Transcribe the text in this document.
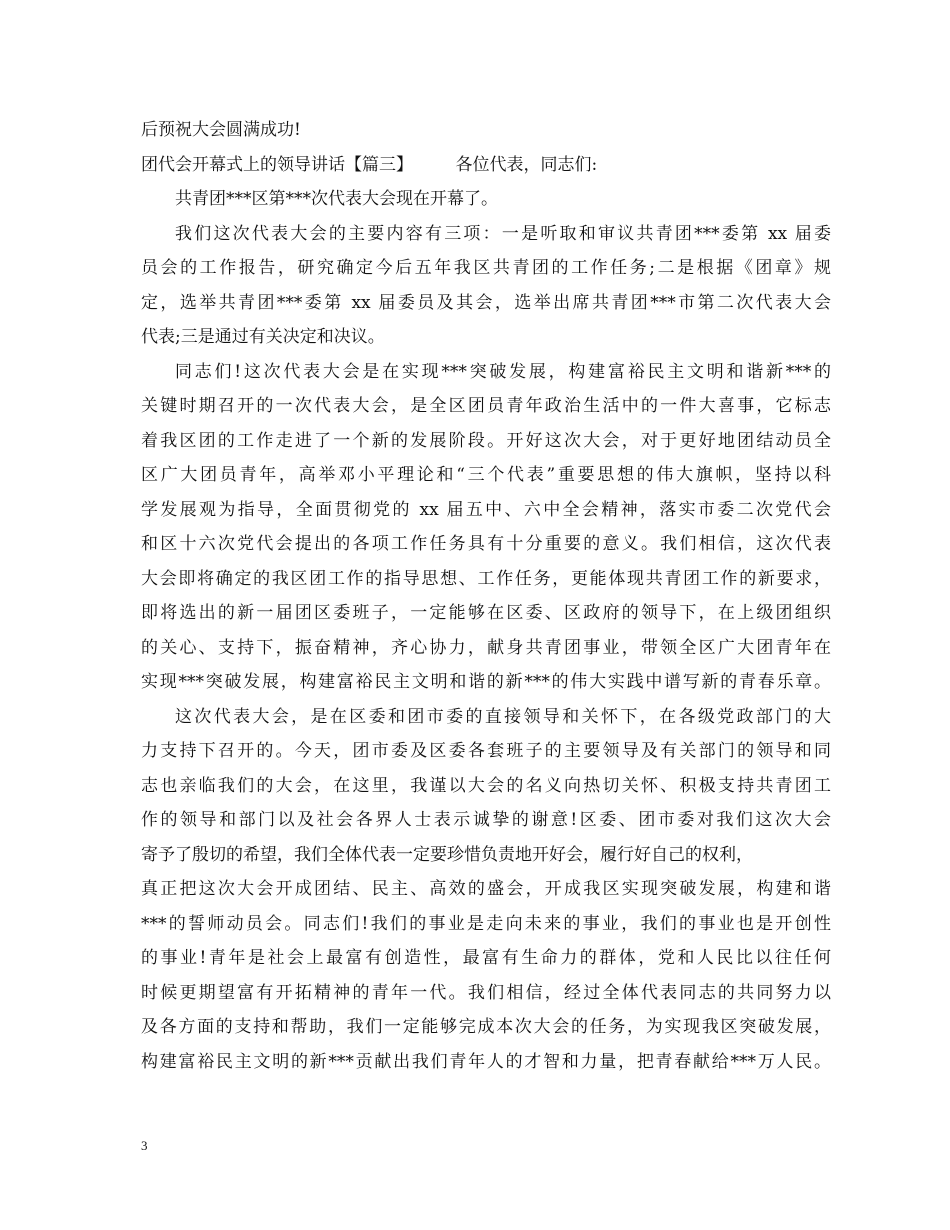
后预祝大会圆满成功!
团代会开幕式上的领导讲话【篇三】　　　各位代表，同志们:
共青团***区第***次代表大会现在开幕了。
我们这次代表大会的主要内容有三项：一是听取和审议共青团***委第 xx 届委
员会的工作报告，研究确定今后五年我区共青团的工作任务;二是根据《团章》规
定，选举共青团***委第 xx 届委员及其会，选举出席共青团***市第二次代表大会
代表;三是通过有关决定和决议。
同志们!这次代表大会是在实现***突破发展，构建富裕民主文明和谐新***的
关键时期召开的一次代表大会，是全区团员青年政治生活中的一件大喜事，它标志
着我区团的工作走进了一个新的发展阶段。开好这次大会，对于更好地团结动员全
区广大团员青年，高举邓小平理论和“三个代表”重要思想的伟大旗帜，坚持以科
学发展观为指导，全面贯彻党的 xx 届五中、六中全会精神，落实市委二次党代会
和区十六次党代会提出的各项工作任务具有十分重要的意义。我们相信，这次代表
大会即将确定的我区团工作的指导思想、工作任务，更能体现共青团工作的新要求，
即将选出的新一届团区委班子，一定能够在区委、区政府的领导下，在上级团组织
的关心、支持下，振奋精神，齐心协力，献身共青团事业，带领全区广大团青年在
实现***突破发展，构建富裕民主文明和谐的新***的伟大实践中谱写新的青春乐章。
这次代表大会，是在区委和团市委的直接领导和关怀下，在各级党政部门的大
力支持下召开的。今天，团市委及区委各套班子的主要领导及有关部门的领导和同
志也亲临我们的大会，在这里，我谨以大会的名义向热切关怀、积极支持共青团工
作的领导和部门以及社会各界人士表示诚挚的谢意!区委、团市委对我们这次大会
寄予了殷切的希望，我们全体代表一定要珍惜负责地开好会，履行好自己的权利，
真正把这次大会开成团结、民主、高效的盛会，开成我区实现突破发展，构建和谐
***的誓师动员会。同志们!我们的事业是走向未来的事业，我们的事业也是开创性
的事业!青年是社会上最富有创造性，最富有生命力的群体，党和人民比以往任何
时候更期望富有开拓精神的青年一代。我们相信，经过全体代表同志的共同努力以
及各方面的支持和帮助，我们一定能够完成本次大会的任务，为实现我区突破发展，
构建富裕民主文明的新***贡献出我们青年人的才智和力量，把青春献给***万人民。
3
